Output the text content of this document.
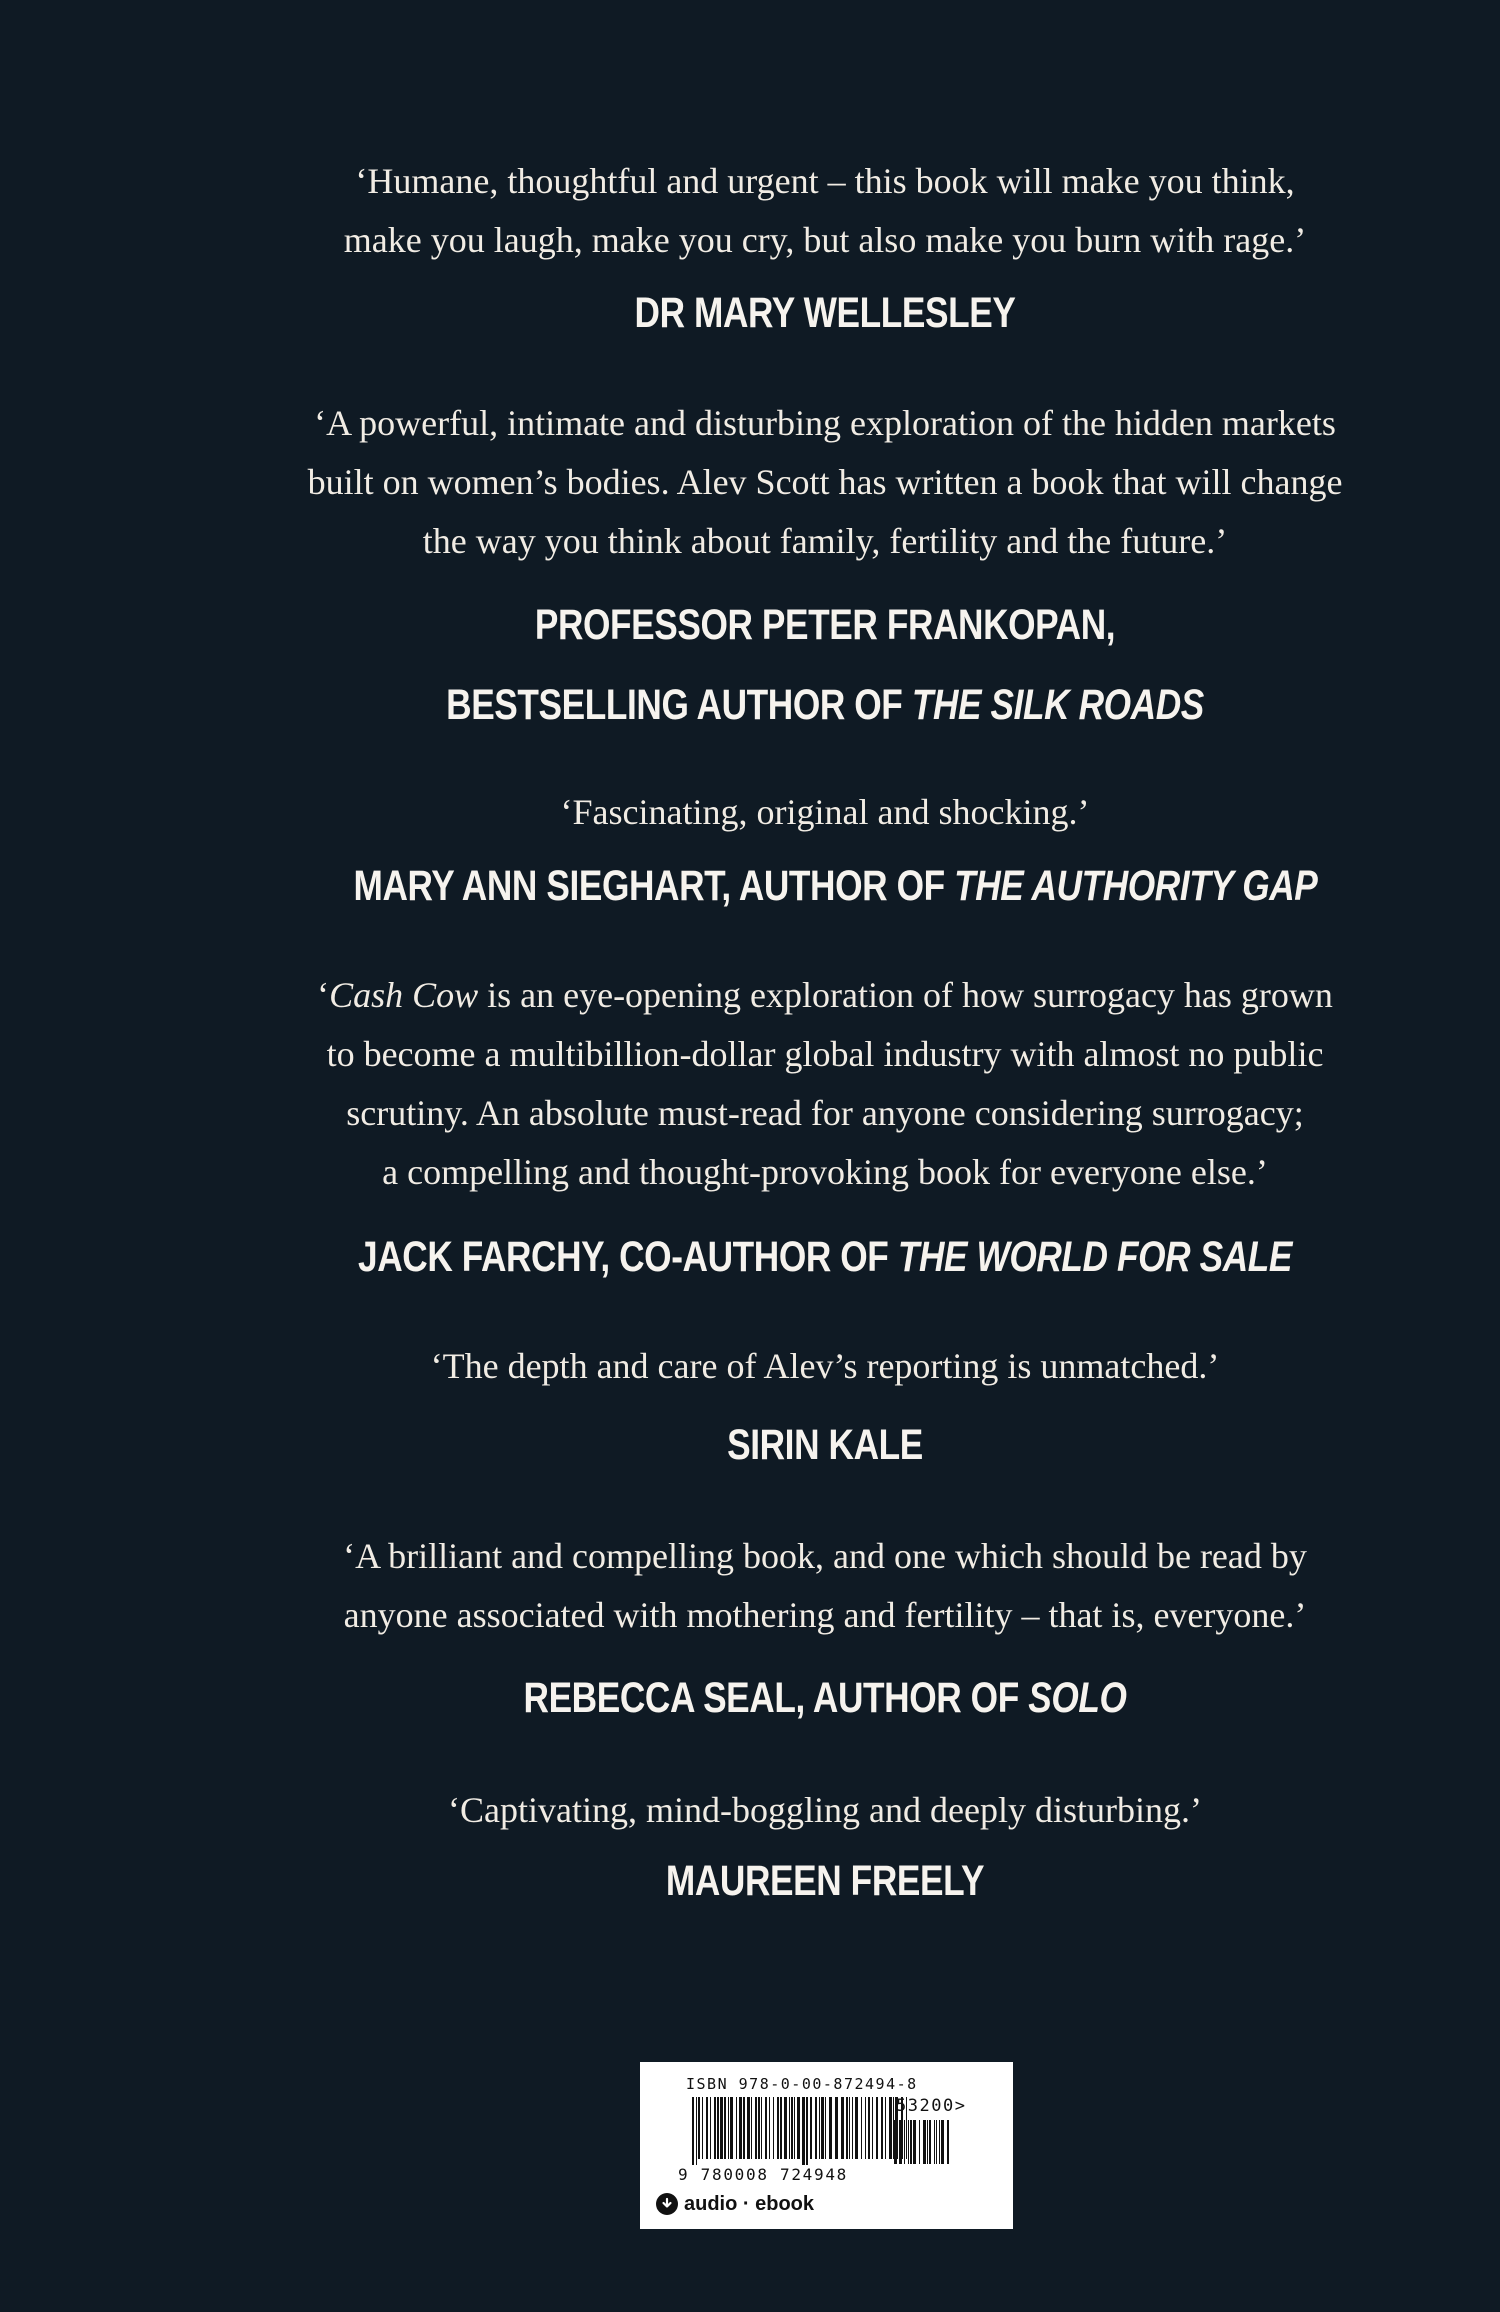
‘Humane, thoughtful and urgent – this book will make you think,
make you laugh, make you cry, but also make you burn with rage.’
DR MARY WELLESLEY
‘A powerful, intimate and disturbing exploration of the hidden markets
built on women’s bodies. Alev Scott has written a book that will change
the way you think about family, fertility and the future.’
PROFESSOR PETER FRANKOPAN,
BESTSELLING AUTHOR OF THE SILK ROADS
‘Fascinating, original and shocking.’
MARY ANN SIEGHART, AUTHOR OF THE AUTHORITY GAP
‘Cash Cow is an eye-opening exploration of how surrogacy has grown
to become a multibillion-dollar global industry with almost no public
scrutiny. An absolute must-read for anyone considering surrogacy;
a compelling and thought-provoking book for everyone else.’
JACK FARCHY, CO-AUTHOR OF THE WORLD FOR SALE
‘The depth and care of Alev’s reporting is unmatched.’
SIRIN KALE
‘A brilliant and compelling book, and one which should be read by
anyone associated with mothering and fertility – that is, everyone.’
REBECCA SEAL, AUTHOR OF SOLO
‘Captivating, mind-boggling and deeply disturbing.’
MAUREEN FREELY
ISBN 978-0-00-872494-8
53200>
9 780008 724948
audio · ebook
